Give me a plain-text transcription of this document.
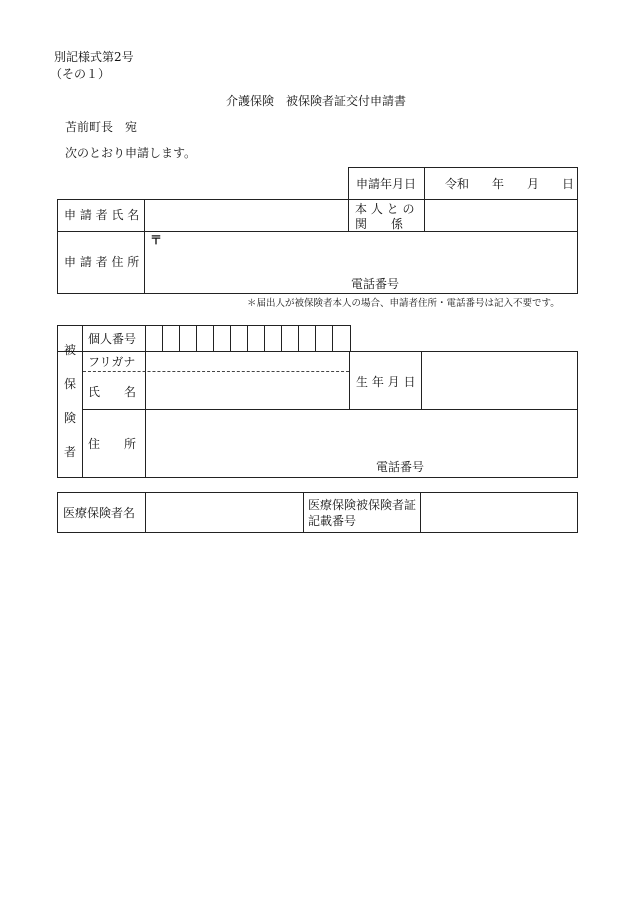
別記様式第2号
（その１）
介護保険　被保険者証交付申請書
苫前町長　宛
次のとおり申請します。
申請年月日 令和 年 月 日
申 請 者 氏 名	本 人 と の
関　　係
申 請 者 住 所
〒
電話番号
＊届出人が被保険者本人の場合、申請者住所・電話番号は記入不要です。
被
保
険
者
個人番号
フリガナ
氏　　名
生 年 月 日
住　　所
電話番号
医療保険者名
医療保険被保険者証
記載番号
